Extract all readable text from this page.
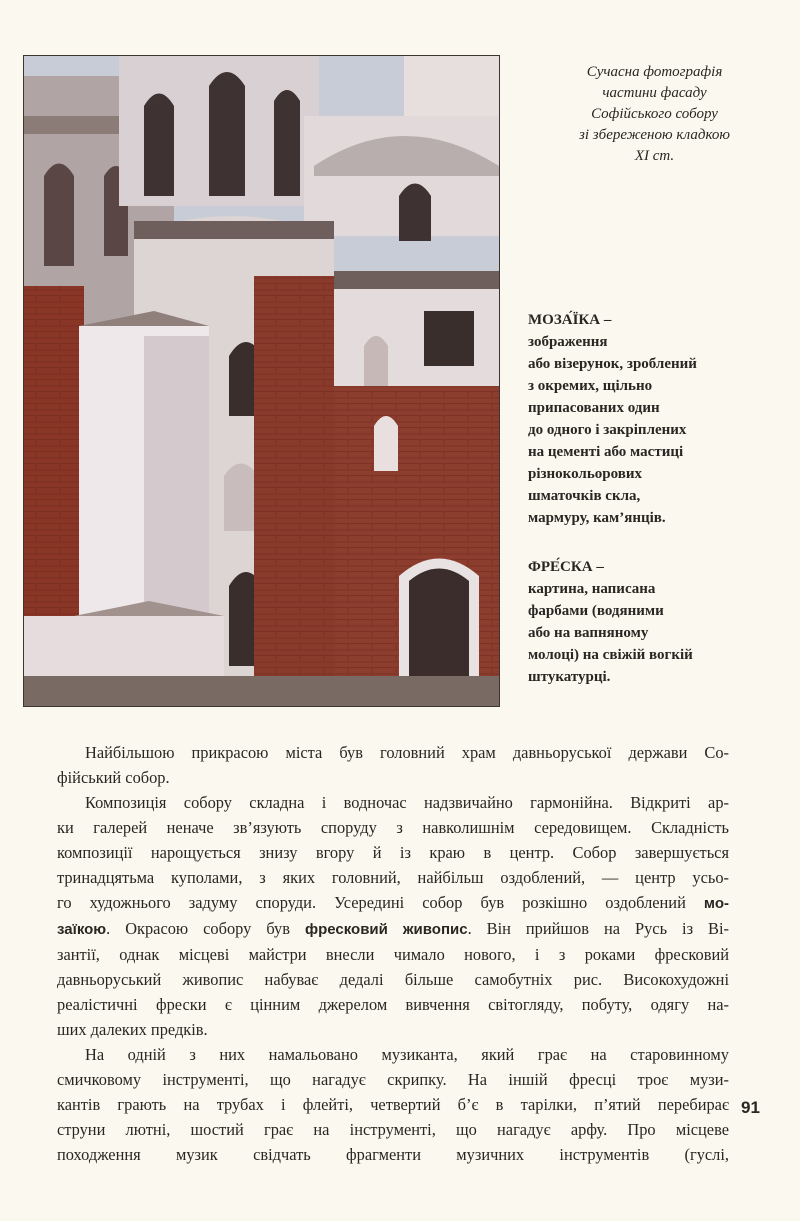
Сучасна фотографія
частини фасаду
Софійського собору
зі збереженою кладкою
XI ст.
МОЗА́ЇКА –
зображення
або візерунок, зроблений
з окремих, щільно
припасованих один
до одного і закріплених
на цементі або мастиці
різнокольорових
шматочків скла,
мармуру, кам’янців.
ФРЕ́СКА –
картина, написана
фарбами (водяними
або на вапняному
молоці) на свіжій вогкій
штукатурці.
Найбільшою прикрасою міста був головний храм давньоруської держави Со-
фійський собор.
Композиція собору складна і водночас надзвичайно гармонійна. Відкриті ар-
ки галерей неначе зв’язують споруду з навколишнім середовищем. Складність
композиції нарощується знизу вгору й із краю в центр. Собор завершується
тринадцятьма куполами, з яких головний, найбільш оздоблений, — центр усьо-
го художнього задуму споруди. Усередині собор був розкішно оздоблений мо-
заїкою. Окрасою собору був фресковий живопис. Він прийшов на Русь із Ві-
зантії, однак місцеві майстри внесли чимало нового, і з роками фресковий
давньоруський живопис набуває дедалі більше самобутніх рис. Високохудожні
реалістичні фрески є цінним джерелом вивчення світогляду, побуту, одягу на-
ших далеких предків.
На одній з них намальовано музиканта, який грає на старовинному
смичковому інструменті, що нагадує скрипку. На іншій фресці троє музи-
кантів грають на трубах і флейті, четвертий б’є в тарілки, п’ятий перебирає
струни лютні, шостий грає на інструменті, що нагадує арфу. Про місцеве
походження музик свідчать фрагменти музичних інструментів (гуслі,
91
